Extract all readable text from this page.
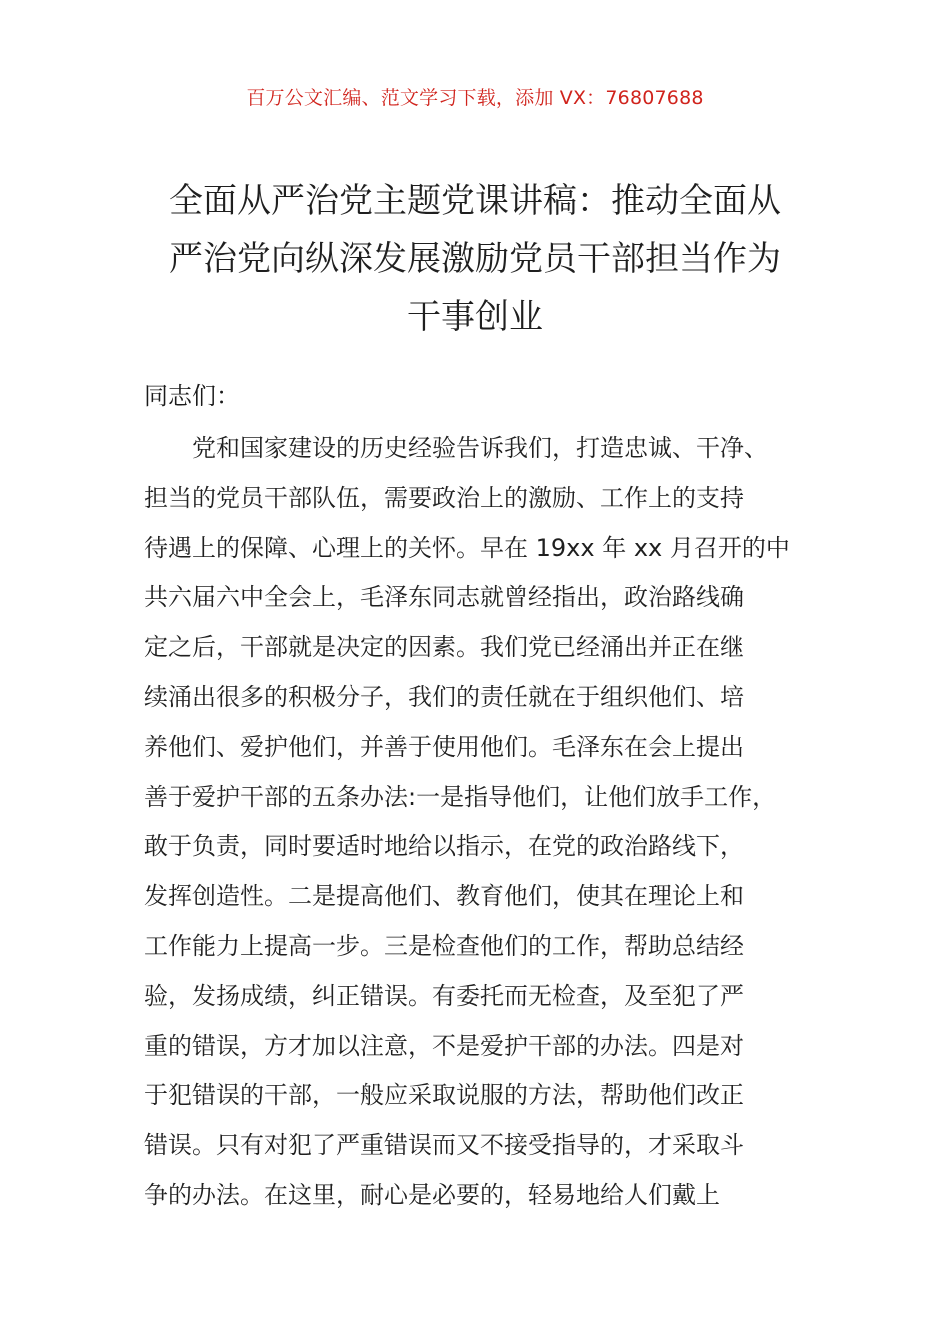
百万公文汇编、范文学习下载，添加 VX：76807688
全面从严治党主题党课讲稿：推动全面从
严治党向纵深发展激励党员干部担当作为
干事创业
同志们：
党和国家建设的历史经验告诉我们，打造忠诚、干净、
担当的党员干部队伍，需要政治上的激励、工作上的支持
待遇上的保障、心理上的关怀。早在 19xx 年 xx 月召开的中
共六届六中全会上，毛泽东同志就曾经指出，政治路线确
定之后，干部就是决定的因素。我们党已经涌出并正在继
续涌出很多的积极分子，我们的责任就在于组织他们、培
养他们、爱护他们，并善于使用他们。毛泽东在会上提出
善于爱护干部的五条办法:一是指导他们，让他们放手工作，
敢于负责，同时要适时地给以指示，在党的政治路线下，
发挥创造性。二是提高他们、教育他们，使其在理论上和
工作能力上提高一步。三是检查他们的工作，帮助总结经
验，发扬成绩，纠正错误。有委托而无检查，及至犯了严
重的错误，方才加以注意，不是爱护干部的办法。四是对
于犯错误的干部，一般应采取说服的方法，帮助他们改正
错误。只有对犯了严重错误而又不接受指导的，才采取斗
争的办法。在这里，耐心是必要的，轻易地给人们戴上
